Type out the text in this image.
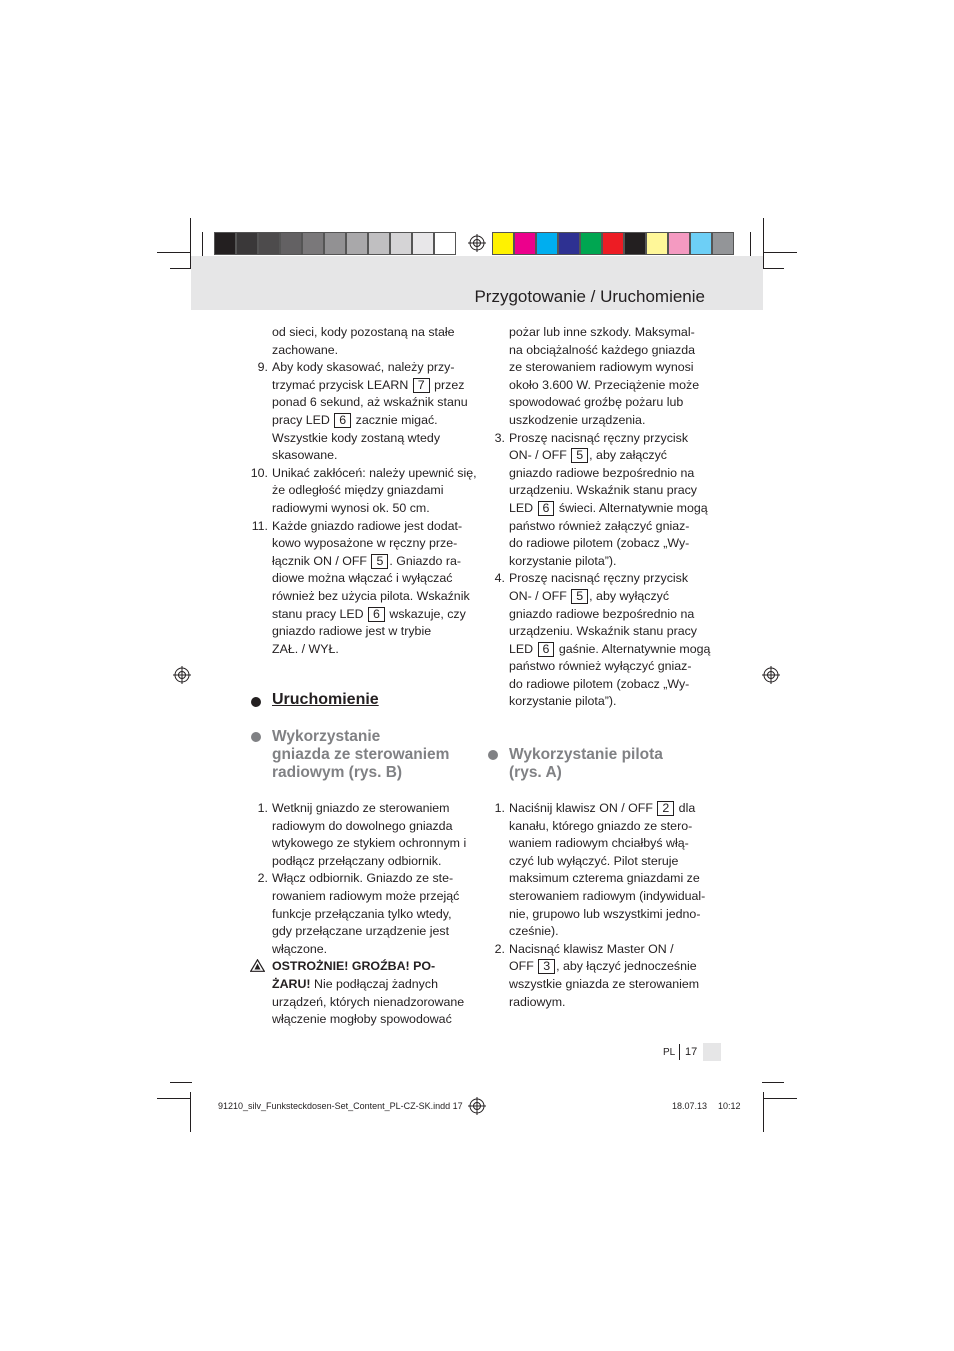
Przygotowanie / Uruchomienie
od sieci, kody pozostaną na stałe
zachowane.
9. Aby kody skasować, należy przy-
trzymać przycisk LEARN 7 przez
ponad 6 sekund, aż wskaźnik stanu
pracy LED 6 zacznie migać.
Wszystkie kody zostaną wtedy
skasowane.
10. Unikać zakłóceń: należy upewnić się,
że odległość między gniazdami
radiowymi wynosi ok. 50 cm.
11. Każde gniazdo radiowe jest dodat-
kowo wyposażone w ręczny prze-
łącznik ON / OFF 5 . Gniazdo ra-
diowe można włączać i wyłączać
również bez użycia pilota. Wskaźnik
stanu pracy LED 6 wskazuje, czy
gniazdo radiowe jest w trybie
ZAŁ. / WYŁ.
Uruchomienie
Wykorzystanie
gniazda ze sterowaniem
radiowym (rys. B)
1. Wetknij gniazdo ze sterowaniem
radiowym do dowolnego gniazda
wtykowego ze stykiem ochronnym i
podłącz przełączany odbiornik.
2. Włącz odbiornik. Gniazdo ze ste-
rowaniem radiowym może przejąć
funkcje przełączania tylko wtedy,
gdy przełączane urządzenie jest
włączone.
OSTROŻNIE! GROŹBA! PO-
ŻARU! Nie podłączaj żadnych
urządzeń, których nienadzorowane
włączenie mogłoby spowodować
pożar lub inne szkody. Maksymal-
na obciążalność każdego gniazda
ze sterowaniem radiowym wynosi
około 3.600 W. Przeciążenie może
spowodować groźbę pożaru lub
uszkodzenie urządzenia.
3. Proszę nacisnąć ręczny przycisk
ON- / OFF 5 , aby załączyć
gniazdo radiowe bezpośrednio na
urządzeniu. Wskaźnik stanu pracy
LED 6 świeci. Alternatywnie mogą
państwo również załączyć gniaz-
do radiowe pilotem (zobacz „Wy-
korzystanie pilota”).
4. Proszę nacisnąć ręczny przycisk
ON- / OFF 5 , aby wyłączyć
gniazdo radiowe bezpośrednio na
urządzeniu. Wskaźnik stanu pracy
LED 6 gaśnie. Alternatywnie mogą
państwo również wyłączyć gniaz-
do radiowe pilotem (zobacz „Wy-
korzystanie pilota”).
Wykorzystanie pilota
(rys. A)
1. Naciśnij klawisz ON / OFF 2 dla
kanału, którego gniazdo ze stero-
waniem radiowym chciałbyś włą-
czyć lub wyłączyć. Pilot steruje
maksimum czterema gniazdami ze
sterowaniem radiowym (indywidual-
nie, grupowo lub wszystkimi jedno-
cześnie).
2. Nacisnąć klawisz Master ON /
OFF 3 , aby łączyć jednocześnie
wszystkie gniazda ze sterowaniem
radiowym.
PL 17
91210_silv_Funksteckdosen-Set_Content_PL-CZ-SK.indd 17	18.07.13 10:12
